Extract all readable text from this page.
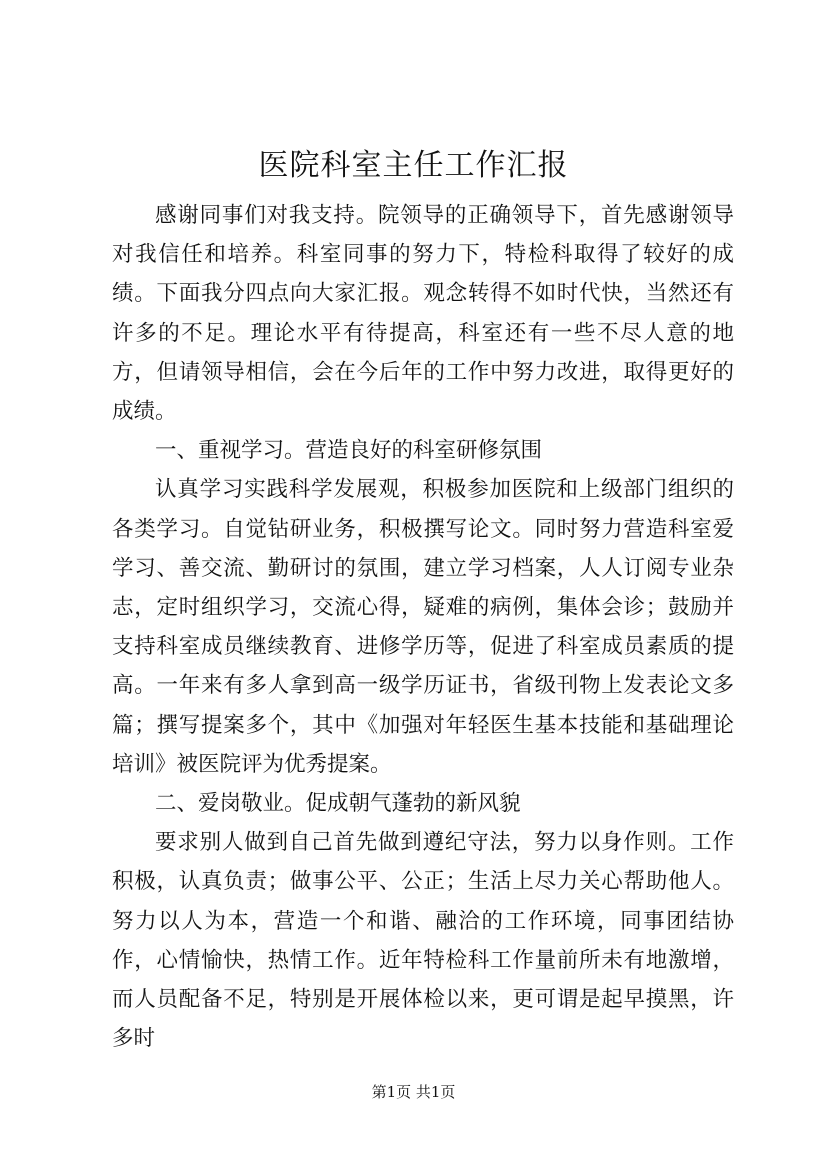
医院科室主任工作汇报

感谢同事们对我支持。院领导的正确领导下，首先感谢领导对我信任和培养。科室同事的努力下，特检科取得了较好的成绩。下面我分四点向大家汇报。观念转得不如时代快，当然还有许多的不足。理论水平有待提高，科室还有一些不尽人意的地方，但请领导相信，会在今后年的工作中努力改进，取得更好的成绩。

一、重视学习。营造良好的科室研修氛围

认真学习实践科学发展观，积极参加医院和上级部门组织的各类学习。自觉钻研业务，积极撰写论文。同时努力营造科室爱学习、善交流、勤研讨的氛围，建立学习档案，人人订阅专业杂志，定时组织学习，交流心得，疑难的病例，集体会诊；鼓励并支持科室成员继续教育、进修学历等，促进了科室成员素质的提高。一年来有多人拿到高一级学历证书，省级刊物上发表论文多篇；撰写提案多个，其中《加强对年轻医生基本技能和基础理论培训》被医院评为优秀提案。

二、爱岗敬业。促成朝气蓬勃的新风貌

要求别人做到自己首先做到遵纪守法，努力以身作则。工作积极，认真负责；做事公平、公正；生活上尽力关心帮助他人。努力以人为本，营造一个和谐、融洽的工作环境，同事团结协作，心情愉快，热情工作。近年特检科工作量前所未有地激增，而人员配备不足，特别是开展体检以来，更可谓是起早摸黑，许多时

第1页 共1页
